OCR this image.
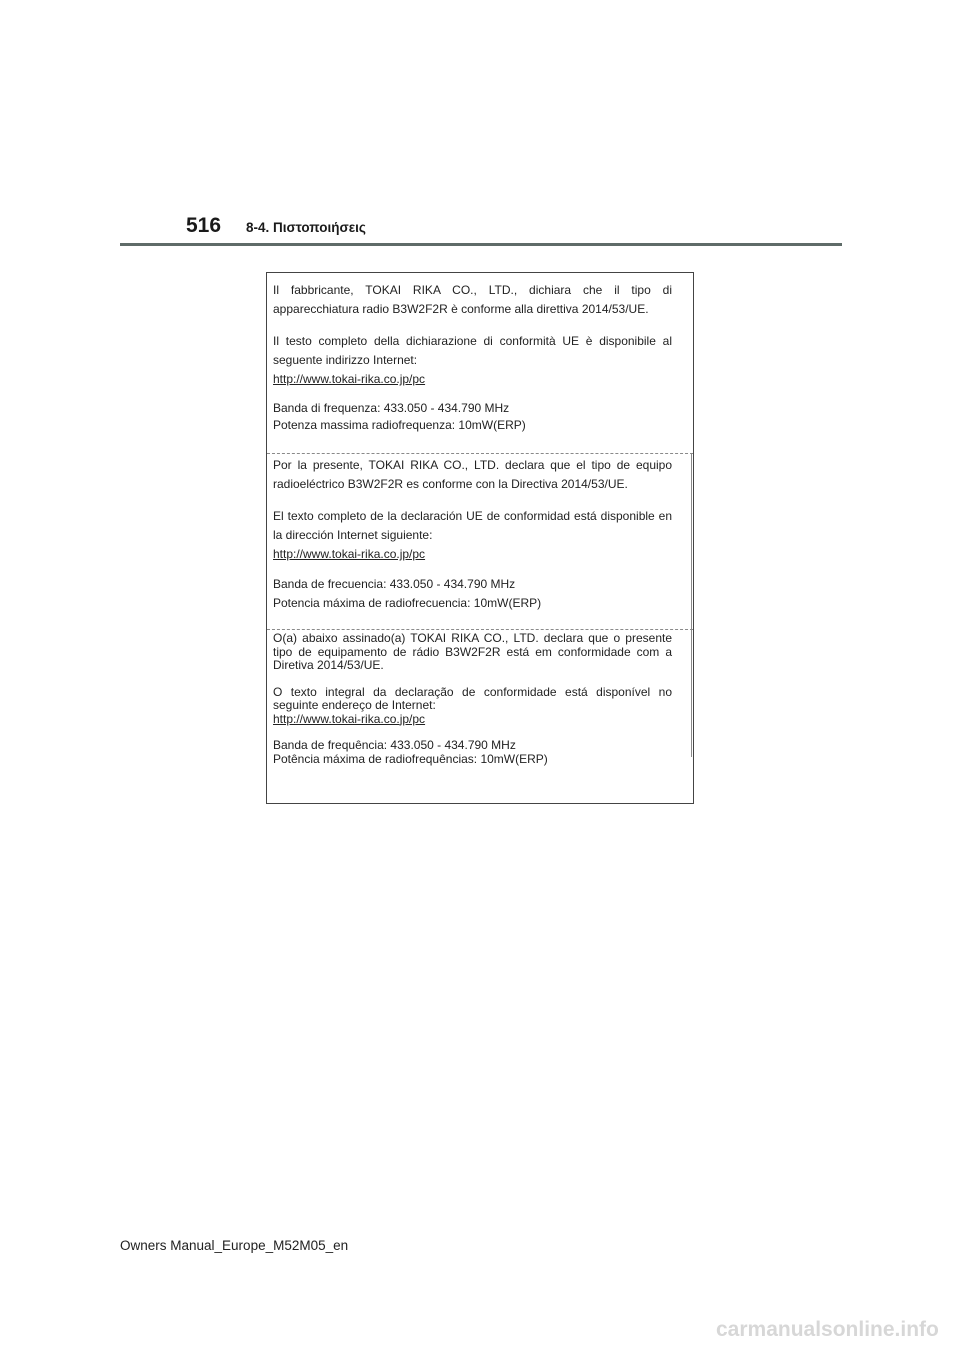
516 8-4. Πιστοποιήσεις

Il fabbricante, TOKAI RIKA CO., LTD., dichiara che il tipo di apparecchiatura radio B3W2F2R è conforme alla direttiva 2014/53/UE.

Il testo completo della dichiarazione di conformità UE è disponibile al seguente indirizzo Internet:

http://www.tokai-rika.co.jp/pc

Banda di frequenza: 433.050 - 434.790 MHz

Potenza massima radiofrequenza: 10mW(ERP)

Por la presente, TOKAI RIKA CO., LTD. declara que el tipo de equipo radioeléctrico B3W2F2R es conforme con la Directiva 2014/53/UE.

El texto completo de la declaración UE de conformidad está disponible en la dirección Internet siguiente:

http://www.tokai-rika.co.jp/pc

Banda de frecuencia: 433.050 - 434.790 MHz

Potencia máxima de radiofrecuencia: 10mW(ERP)

O(a) abaixo assinado(a) TOKAI RIKA CO., LTD. declara que o presente tipo de equipamento de rádio B3W2F2R está em conformidade com a Diretiva 2014/53/UE.

O texto integral da declaração de conformidade está disponível no seguinte endereço de Internet:

http://www.tokai-rika.co.jp/pc

Banda de frequência: 433.050 - 434.790 MHz

Potência máxima de radiofrequências: 10mW(ERP)

Owners Manual_Europe_M52M05_en
carmanualsonline.info
